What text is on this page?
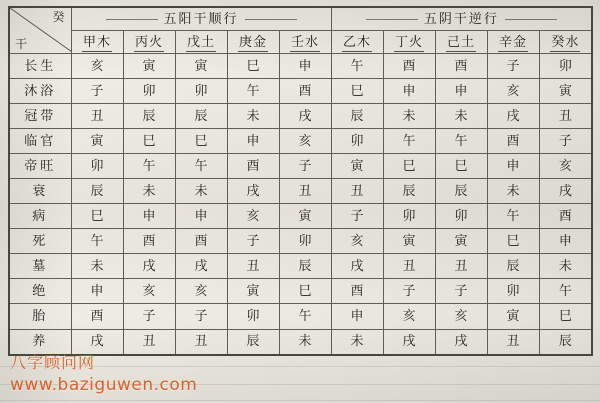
癸
干	五阳干顺行					五阴干逆行				

	甲木	丙火	戊土	庚金	壬水	乙木	丁火	己土	辛金	癸水
长生	亥	寅	寅	巳	申	午	酉	酉	子	卯
沐浴	子	卯	卯	午	酉	巳	申	申	亥	寅
冠带	丑	辰	辰	未	戌	辰	未	未	戌	丑
临官	寅	巳	巳	申	亥	卯	午	午	酉	子
帝旺	卯	午	午	酉	子	寅	巳	巳	申	亥
衰	辰	未	未	戌	丑	丑	辰	辰	未	戌
病	巳	申	申	亥	寅	子	卯	卯	午	酉
死	午	酉	酉	子	卯	亥	寅	寅	巳	申
墓	未	戌	戌	丑	辰	戌	丑	丑	辰	未
绝	申	亥	亥	寅	巳	酉	子	子	卯	午
胎	酉	子	子	卯	午	申	亥	亥	寅	巳
养	戌	丑	丑	辰	未	未	戌	戌	丑	辰
八字顾问网
www.baziguwen.com
